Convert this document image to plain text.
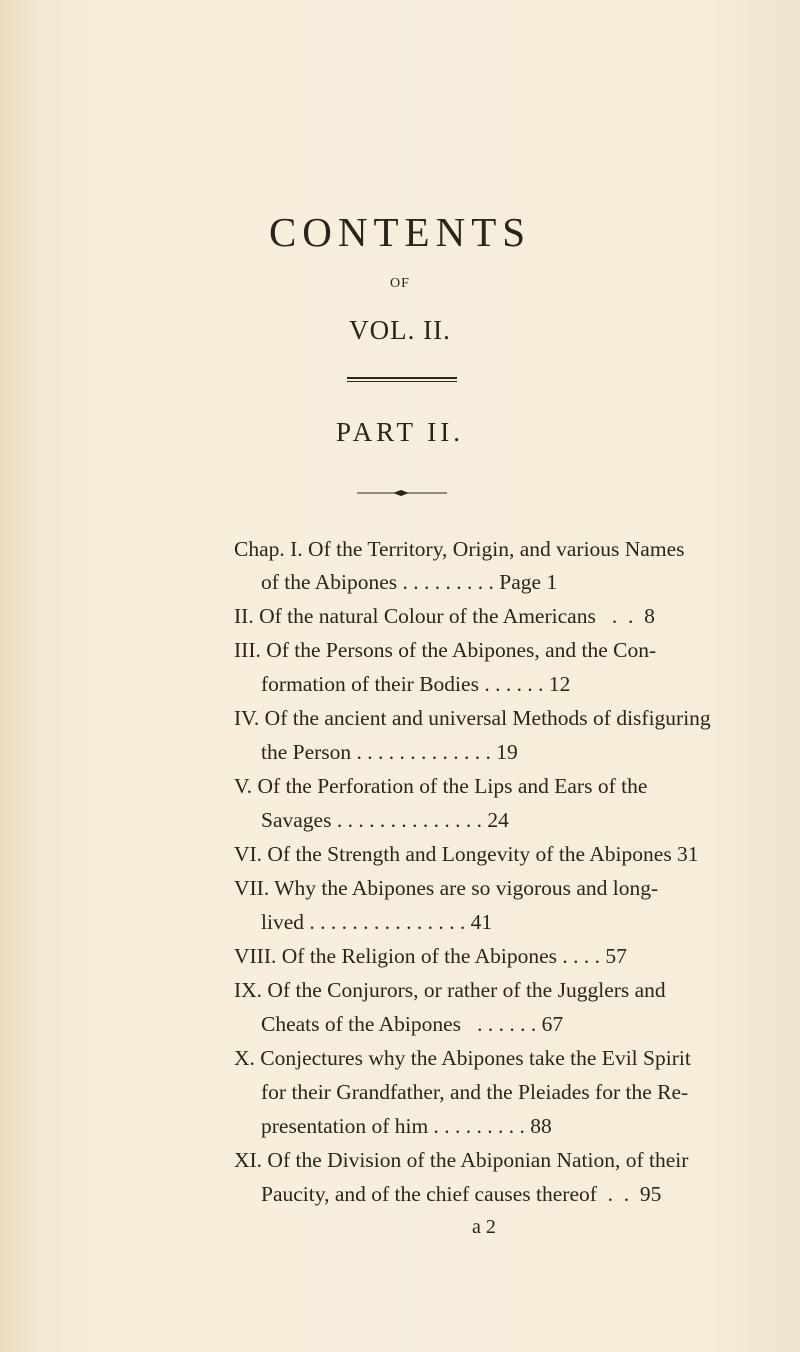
CONTENTS
OF
VOL. II.
PART II.
Chap. I. Of the Territory, Origin, and various Names
of the Abipones . . . . . . . . . Page 1
II. Of the natural Colour of the Americans   .  .  8
III. Of the Persons of the Abipones, and the Con-
formation of their Bodies . . . . . . 12
IV. Of the ancient and universal Methods of disfiguring
the Person . . . . . . . . . . . . . 19
V. Of the Perforation of the Lips and Ears of the
Savages . . . . . . . . . . . . . . 24
VI. Of the Strength and Longevity of the Abipones 31
VII. Why the Abipones are so vigorous and long-
lived . . . . . . . . . . . . . . . 41
VIII. Of the Religion of the Abipones . . . . 57
IX. Of the Conjurors, or rather of the Jugglers and
Cheats of the Abipones   . . . . . . 67
X. Conjectures why the Abipones take the Evil Spirit
for their Grandfather, and the Pleiades for the Re-
presentation of him . . . . . . . . . 88
XI. Of the Division of the Abiponian Nation, of their
Paucity, and of the chief causes thereof  .  .  95
a 2
